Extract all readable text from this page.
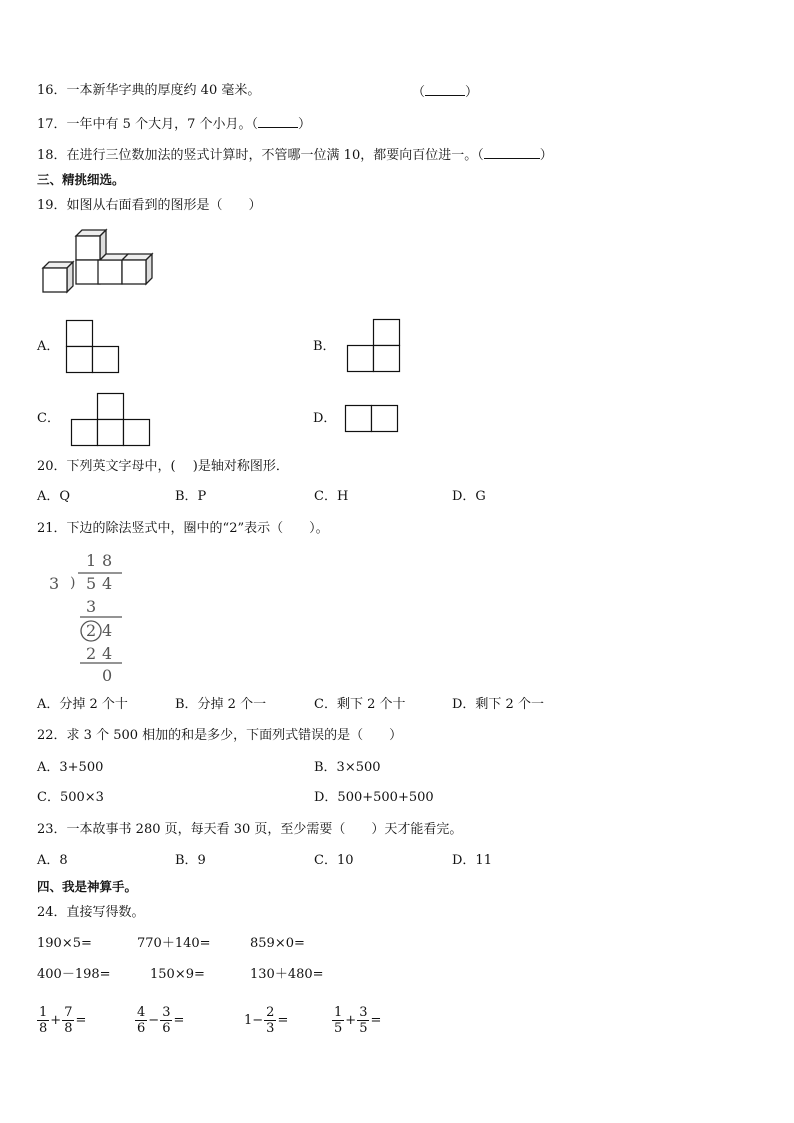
16．一本新华字典的厚度约 40 毫米。	（	）
17．一年中有 5 个大月，7 个小月。（	）
18．在进行三位数加法的竖式计算时，不管哪一位满 10，都要向百位进一。（	）
三、精挑细选。
19．如图从右面看到的图形是（　　）
A．	B．
C．	D．
20．下列英文字母中，(　 )是轴对称图形．
A．Q	B．P	C．H	D．G
21．下边的除法竖式中，圈中的“2”表示（　　）。
1 8
3 ) 5 4
3
2 4
2 4
0
A．分掉 2 个十	B．分掉 2 个一	C．剩下 2 个十	D．剩下 2 个一
22．求 3 个 500 相加的和是多少，下面列式错误的是（　　）
A．3+500	B．3×500
C．500×3	D．500+500+500
23．一本故事书 280 页，每天看 30 页，至少需要（　　）天才能看完。
A．8	B．9	C．10	D．11
四、我是神算手。
24．直接写得数。
190×5=	770＋140=	859×0=
400－198=	150×9=	130＋480=
$\frac{1}{8} + \frac{7}{8}$ =	$\frac{4}{6} - \frac{3}{6}$ =	$1- \frac{2}{3}$ =	$\frac{1}{5} + \frac{3}{5}$ =
